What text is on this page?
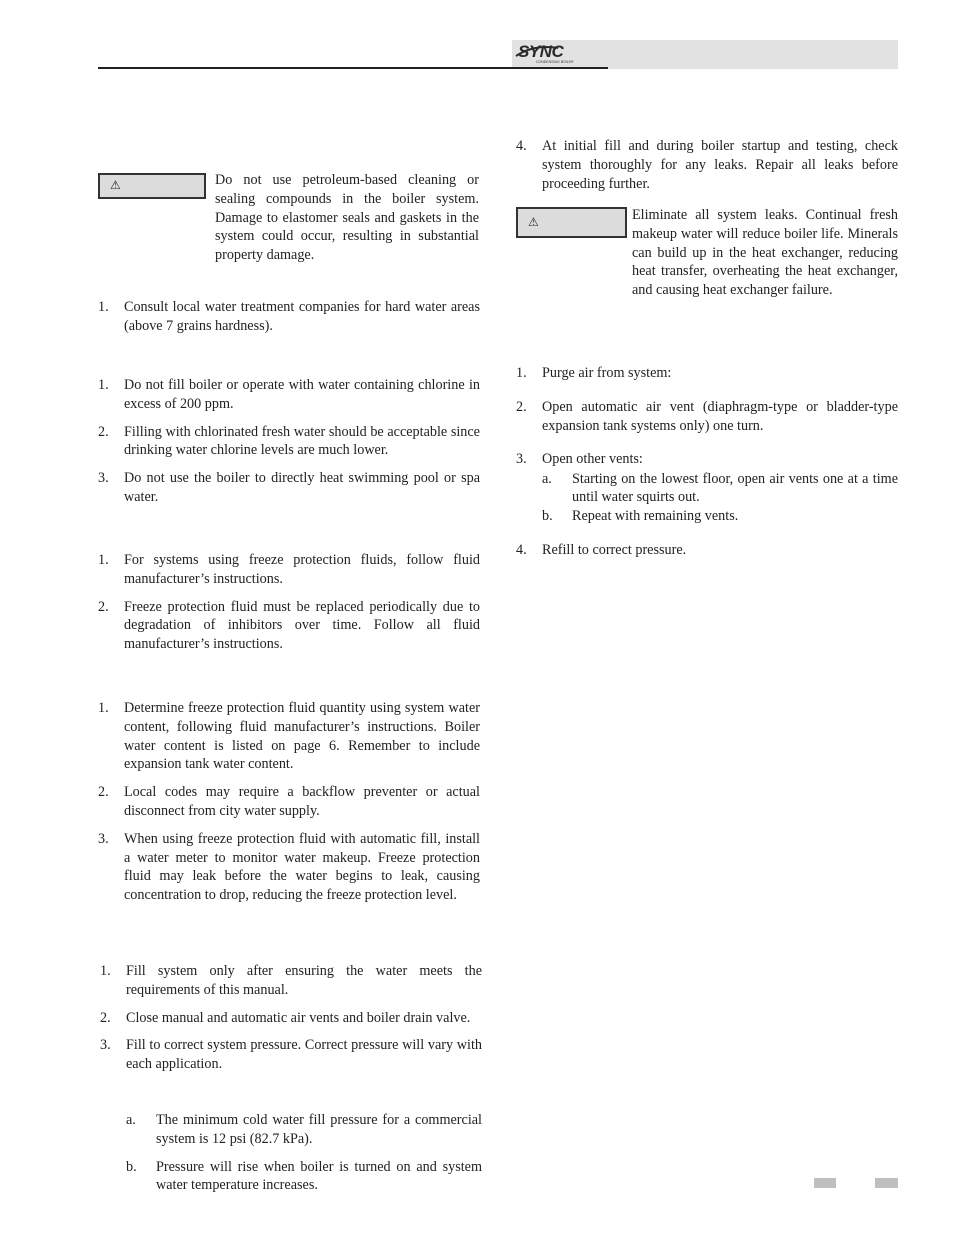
SYNC
CONDENSING BOILER
⚠	Do not use petroleum-based cleaning or sealing compounds in the boiler system. Damage to elastomer seals and gaskets in the system could occur, resulting in substantial property damage.
1. Consult local water treatment companies for hard water areas (above 7 grains hardness).
1. Do not fill boiler or operate with water containing chlorine in excess of 200 ppm.
2. Filling with chlorinated fresh water should be acceptable since drinking water chlorine levels are much lower.
3. Do not use the boiler to directly heat swimming pool or spa water.
1. For systems using freeze protection fluids, follow fluid manufacturer’s instructions.
2. Freeze protection fluid must be replaced periodically due to degradation of inhibitors over time. Follow all fluid manufacturer’s instructions.
1. Determine freeze protection fluid quantity using system water content, following fluid manufacturer’s instructions. Boiler water content is listed on page 6. Remember to include expansion tank water content.
2. Local codes may require a backflow preventer or actual disconnect from city water supply.
3. When using freeze protection fluid with automatic fill, install a water meter to monitor water makeup. Freeze protection fluid may leak before the water begins to leak, causing concentration to drop, reducing the freeze protection level.
1. Fill system only after ensuring the water meets the requirements of this manual.
2. Close manual and automatic air vents and boiler drain valve.
3. Fill to correct system pressure. Correct pressure will vary with each application.
a. The minimum cold water fill pressure for a commercial system is 12 psi (82.7 kPa).
b. Pressure will rise when boiler is turned on and system water temperature increases.
4. At initial fill and during boiler startup and testing, check system thoroughly for any leaks. Repair all leaks before proceeding further.
⚠	Eliminate all system leaks. Continual fresh makeup water will reduce boiler life. Minerals can build up in the heat exchanger, reducing heat transfer, overheating the heat exchanger, and causing heat exchanger failure.
1. Purge air from system:
2. Open automatic air vent (diaphragm-type or bladder-type expansion tank systems only) one turn.
3. Open other vents:
a. Starting on the lowest floor, open air vents one at a time until water squirts out.
b. Repeat with remaining vents.
4. Refill to correct pressure.
